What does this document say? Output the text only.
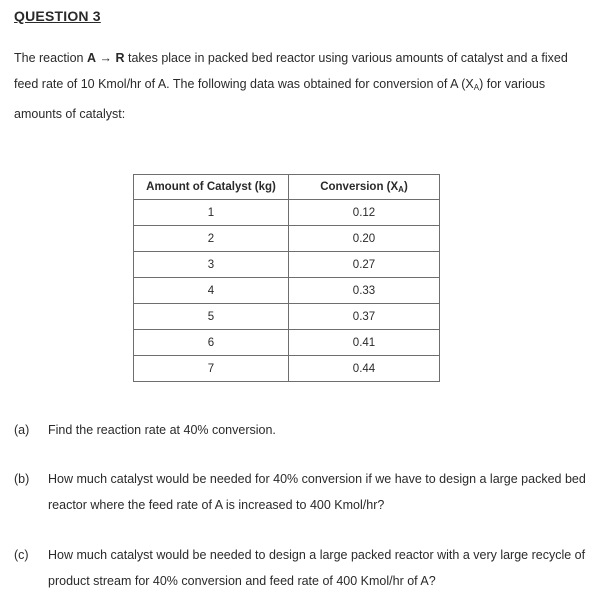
QUESTION 3
The reaction A → R takes place in packed bed reactor using various amounts of catalyst and a fixed feed rate of 10 Kmol/hr of A. The following data was obtained for conversion of A $(X_A)$ for various amounts of catalyst:
Amount of Catalyst (kg)	Conversion $(X_A)$
1	0.12
2	0.20
3	0.27
4	0.33
5	0.37
6	0.41
7	0.44
(a) Find the reaction rate at 40% conversion.
(b) How much catalyst would be needed for 40% conversion if we have to design a large packed bed reactor where the feed rate of A is increased to 400 Kmol/hr?
(c) How much catalyst would be needed to design a large packed reactor with a very large recycle of product stream for 40% conversion and feed rate of 400 Kmol/hr of A?
